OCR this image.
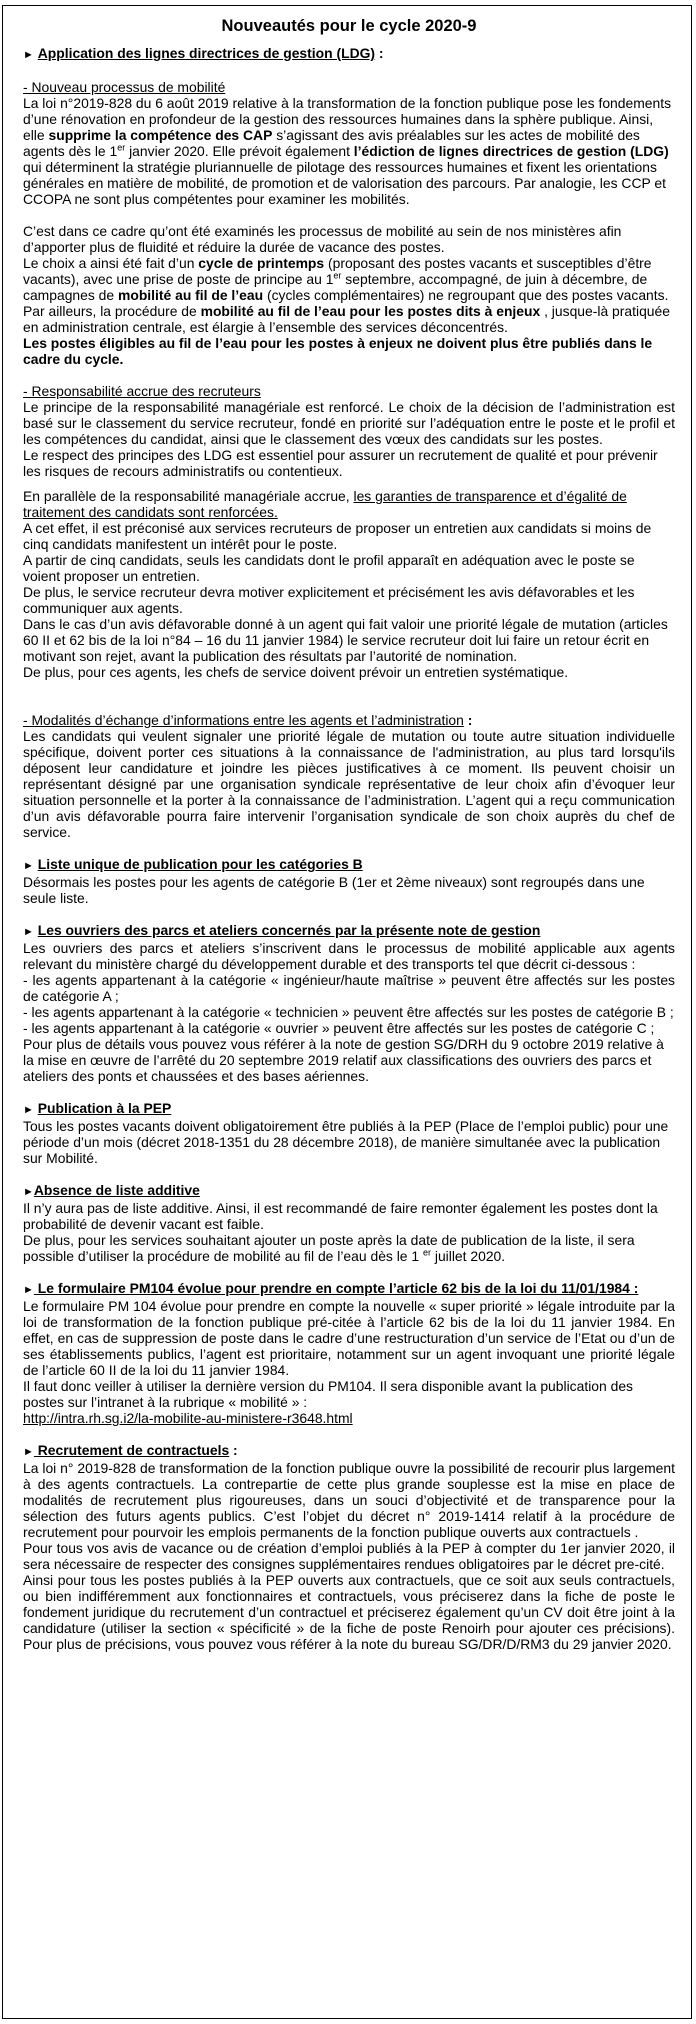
Nouveautés pour le cycle 2020-9

► Application des lignes directrices de gestion (LDG) :

- Nouveau processus de mobilité

La loi n°2019-828 du 6 août 2019 relative à la transformation de la fonction publique pose les fondements d’une rénovation en profondeur de la gestion des ressources humaines dans la sphère publique. Ainsi, elle supprime la compétence des CAP s’agissant des avis préalables sur les actes de mobilité des agents dès le 1er janvier 2020. Elle prévoit également l’édiction de lignes directrices de gestion (LDG) qui déterminent la stratégie pluriannuelle de pilotage des ressources humaines et fixent les orientations générales en matière de mobilité, de promotion et de valorisation des parcours. Par analogie, les CCP et CCOPA ne sont plus compétentes pour examiner les mobilités.

C’est dans ce cadre qu’ont été examinés les processus de mobilité au sein de nos ministères afin d’apporter plus de fluidité et réduire la durée de vacance des postes.

Le choix a ainsi été fait d’un cycle de printemps (proposant des postes vacants et susceptibles d’être vacants), avec une prise de poste de principe au 1er septembre, accompagné, de juin à décembre, de campagnes de mobilité au fil de l’eau (cycles complémentaires) ne regroupant que des postes vacants.

Par ailleurs, la procédure de mobilité au fil de l’eau pour les postes dits à enjeux , jusque-là pratiquée en administration centrale, est élargie à l’ensemble des services déconcentrés.

Les postes éligibles au fil de l’eau pour les postes à enjeux ne doivent plus être publiés dans le cadre du cycle.

- Responsabilité accrue des recruteurs

Le principe de la responsabilité managériale est renforcé. Le choix de la décision de l’administration est basé sur le classement du service recruteur, fondé en priorité sur l’adéquation entre le poste et le profil et les compétences du candidat, ainsi que le classement des vœux des candidats sur les postes.

Le respect des principes des LDG est essentiel pour assurer un recrutement de qualité et pour prévenir les risques de recours administratifs ou contentieux.

En parallèle de la responsabilité managériale accrue, les garanties de transparence et d’égalité de traitement des candidats sont renforcées.

A cet effet, il est préconisé aux services recruteurs de proposer un entretien aux candidats si moins de cinq candidats manifestent un intérêt pour le poste.

A partir de cinq candidats, seuls les candidats dont le profil apparaît en adéquation avec le poste se voient proposer un entretien.

De plus, le service recruteur devra motiver explicitement et précisément les avis défavorables et les communiquer aux agents.

Dans le cas d’un avis défavorable donné à un agent qui fait valoir une priorité légale de mutation (articles 60 II et 62 bis de la loi n°84 – 16 du 11 janvier 1984) le service recruteur doit lui faire un retour écrit en motivant son rejet, avant la publication des résultats par l’autorité de nomination.

De plus, pour ces agents, les chefs de service doivent prévoir un entretien systématique.

- Modalités d’échange d’informations entre les agents et l’administration :

Les candidats qui veulent signaler une priorité légale de mutation ou toute autre situation individuelle spécifique, doivent porter ces situations à la connaissance de l'administration, au plus tard lorsqu'ils déposent leur candidature et joindre les pièces justificatives à ce moment. Ils peuvent choisir un représentant désigné par une organisation syndicale représentative de leur choix afin d’évoquer leur situation personnelle et la porter à la connaissance de l’administration. L’agent qui a reçu communication d’un avis défavorable pourra faire intervenir l’organisation syndicale de son choix auprès du chef de service.

► Liste unique de publication pour les catégories B

Désormais les postes pour les agents de catégorie B (1er et 2ème niveaux) sont regroupés dans une seule liste.

► Les ouvriers des parcs et ateliers concernés par la présente note de gestion

Les ouvriers des parcs et ateliers s’inscrivent dans le processus de mobilité applicable aux agents relevant du ministère chargé du développement durable et des transports tel que décrit ci-dessous :

- les agents appartenant à la catégorie « ingénieur/haute maîtrise » peuvent être affectés sur les postes de catégorie A ;

- les agents appartenant à la catégorie « technicien » peuvent être affectés sur les postes de catégorie B ;

- les agents appartenant à la catégorie « ouvrier » peuvent être affectés sur les postes de catégorie C ;

Pour plus de détails vous pouvez vous référer à la note de gestion SG/DRH du 9 octobre 2019 relative à la mise en œuvre de l’arrêté du 20 septembre 2019 relatif aux classifications des ouvriers des parcs et ateliers des ponts et chaussées et des bases aériennes.

► Publication à la PEP

Tous les postes vacants doivent obligatoirement être publiés à la PEP (Place de l’emploi public) pour une période d’un mois (décret 2018-1351 du 28 décembre 2018), de manière simultanée avec la publication sur Mobilité.

►Absence de liste additive

Il n’y aura pas de liste additive. Ainsi, il est recommandé de faire remonter également les postes dont la probabilité de devenir vacant est faible.

De plus, pour les services souhaitant ajouter un poste après la date de publication de la liste, il sera possible d’utiliser la procédure de mobilité au fil de l’eau dès le 1 $^{er}$ juillet 2020.

► Le formulaire PM104 évolue pour prendre en compte l’article 62 bis de la loi du 11/01/1984 :

Le formulaire PM 104 évolue pour prendre en compte la nouvelle « super priorité » légale introduite par la loi de transformation de la fonction publique pré-citée à l’article 62 bis de la loi du 11 janvier 1984. En effet, en cas de suppression de poste dans le cadre d’une restructuration d’un service de l’Etat ou d’un de ses établissements publics, l’agent est prioritaire, notamment sur un agent invoquant une priorité légale de l’article 60 II de la loi du 11 janvier 1984.

Il faut donc veiller à utiliser la dernière version du PM104. Il sera disponible avant la publication des postes sur l’intranet à la rubrique « mobilité » :

http://intra.rh.sg.i2/la-mobilite-au-ministere-r3648.html

► Recrutement de contractuels :

La loi n° 2019-828 de transformation de la fonction publique ouvre la possibilité de recourir plus largement à des agents contractuels. La contrepartie de cette plus grande souplesse est la mise en place de modalités de recrutement plus rigoureuses, dans un souci d’objectivité et de transparence pour la sélection des futurs agents publics. C’est l’objet du décret n° 2019-1414 relatif à la procédure de recrutement pour pourvoir les emplois permanents de la fonction publique ouverts aux contractuels .

Pour tous vos avis de vacance ou de création d’emploi publiés à la PEP à compter du 1er janvier 2020, il sera nécessaire de respecter des consignes supplémentaires rendues obligatoires par le décret pre-cité.

Ainsi pour tous les postes publiés à la PEP ouverts aux contractuels, que ce soit aux seuls contractuels, ou bien indifféremment aux fonctionnaires et contractuels, vous préciserez dans la fiche de poste le fondement juridique du recrutement d’un contractuel et préciserez également qu’un CV doit être joint à la candidature (utiliser la section « spécificité » de la fiche de poste Renoirh pour ajouter ces précisions). Pour plus de précisions, vous pouvez vous référer à la note du bureau SG/DR/D/RM3 du 29 janvier 2020.
